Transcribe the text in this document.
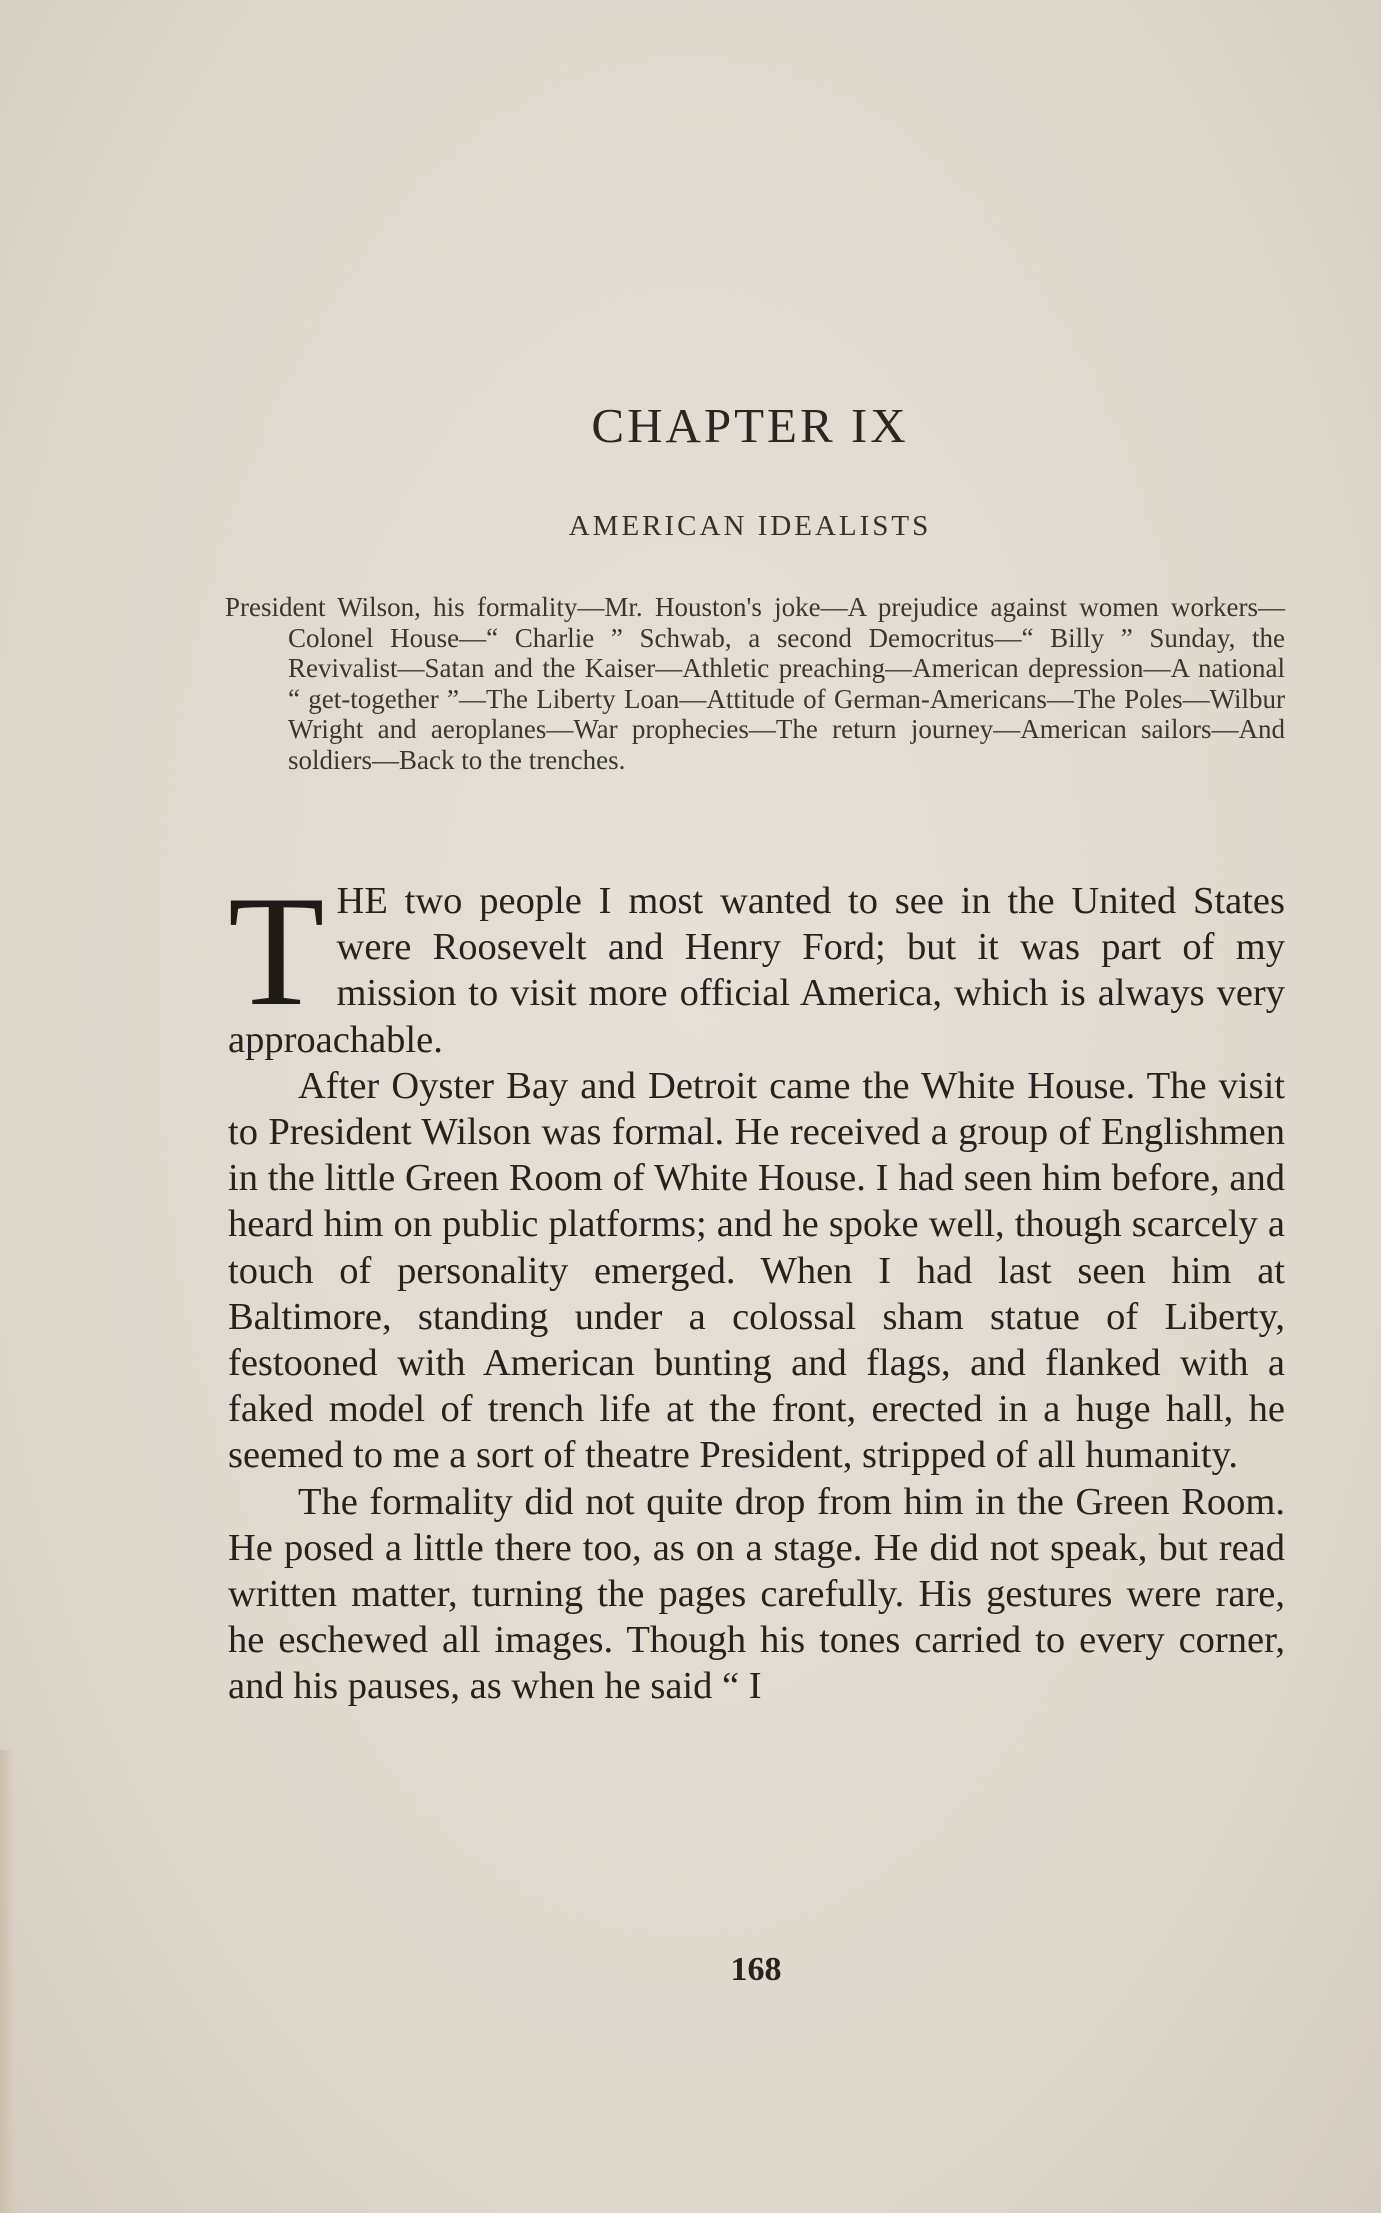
CHAPTER IX
AMERICAN IDEALISTS

President Wilson, his formality—Mr. Houston's joke—A prejudice against women workers—Colonel House—“ Charlie ” Schwab, a second Democritus—“ Billy ” Sunday, the Revivalist—Satan and the Kaiser—Athletic preaching—American depression—A national “ get-together ”—The Liberty Loan—Attitude of German-Americans—The Poles—Wilbur Wright and aeroplanes—War prophecies—The return journey—American sailors—And soldiers—Back to the trenches.

THE two people I most wanted to see in the United States were Roosevelt and Henry Ford; but it was part of my mission to visit more official America, which is always very approachable.

After Oyster Bay and Detroit came the White House. The visit to President Wilson was formal. He received a group of Englishmen in the little Green Room of White House. I had seen him before, and heard him on public platforms; and he spoke well, though scarcely a touch of personality emerged. When I had last seen him at Baltimore, standing under a colossal sham statue of Liberty, festooned with American bunting and flags, and flanked with a faked model of trench life at the front, erected in a huge hall, he seemed to me a sort of theatre President, stripped of all humanity.

The formality did not quite drop from him in the Green Room. He posed a little there too, as on a stage. He did not speak, but read written matter, turning the pages carefully. His gestures were rare, he eschewed all images. Though his tones carried to every corner, and his pauses, as when he said “ I

168
